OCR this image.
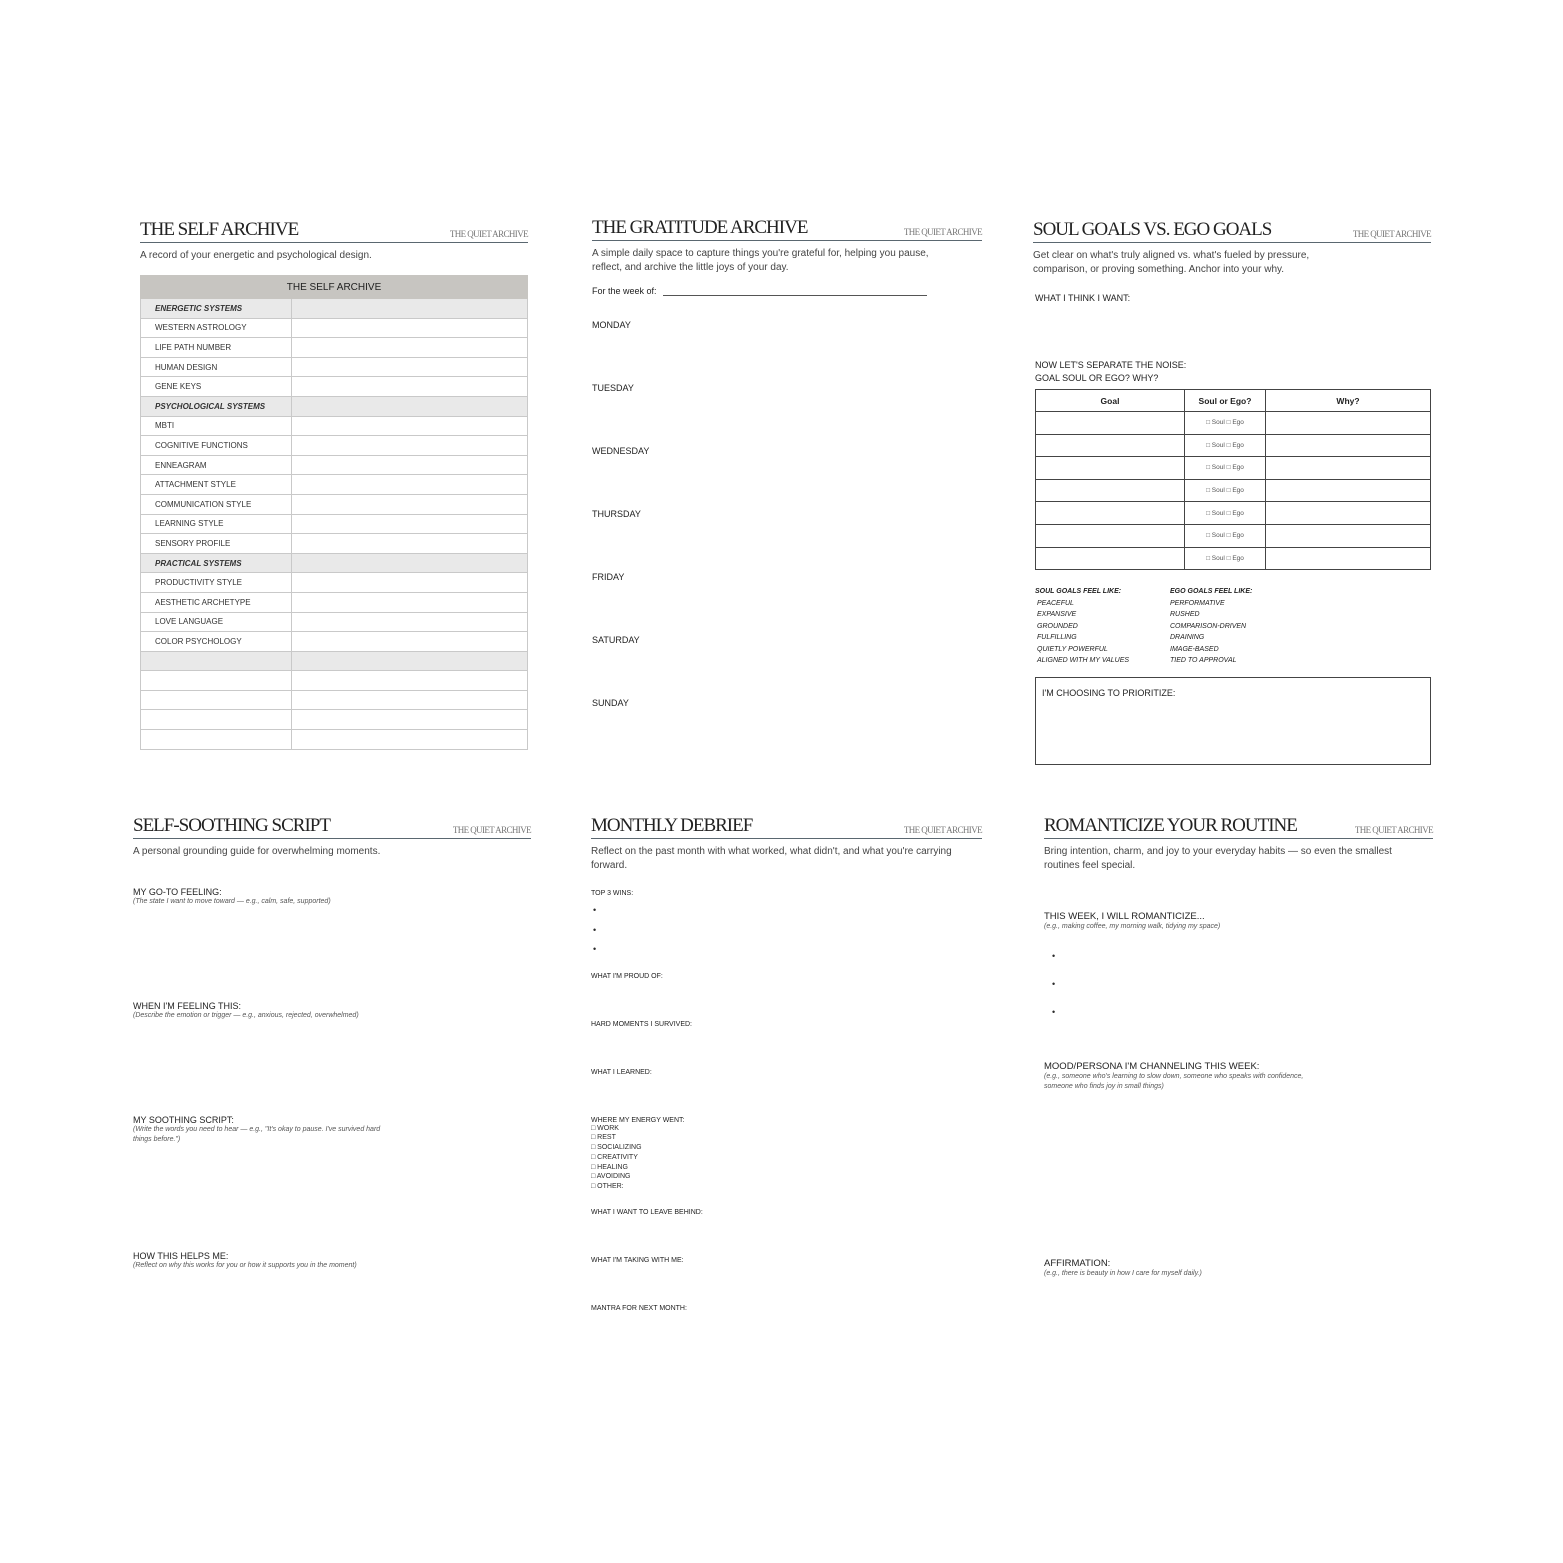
THE SELF ARCHIVE	THE QUIET ARCHIVE
A record of your energetic and psychological design.
THE SELF ARCHIVE	
ENERGETIC SYSTEMS	
WESTERN ASTROLOGY	
LIFE PATH NUMBER	
HUMAN DESIGN	
GENE KEYS	
PSYCHOLOGICAL SYSTEMS	
MBTI	
COGNITIVE FUNCTIONS	
ENNEAGRAM	
ATTACHMENT STYLE	
COMMUNICATION STYLE	
LEARNING STYLE	
SENSORY PROFILE	
PRACTICAL SYSTEMS	
PRODUCTIVITY STYLE	
AESTHETIC ARCHETYPE	
LOVE LANGUAGE	
COLOR PSYCHOLOGY	

THE GRATITUDE ARCHIVE	THE QUIET ARCHIVE
A simple daily space to capture things you're grateful for, helping you pause, reflect, and archive the little joys of your day.
For the week of:
MONDAY
TUESDAY
WEDNESDAY
THURSDAY
FRIDAY
SATURDAY
SUNDAY
SOUL GOALS VS. EGO GOALS	THE QUIET ARCHIVE
Get clear on what's truly aligned vs. what's fueled by pressure, comparison, or proving something. Anchor into your why.
WHAT I THINK I WANT:
NOW LET'S SEPARATE THE NOISE:
GOAL SOUL OR EGO? WHY?
Goal	Soul or Ego?	Why?
	□ Soul □ Ego	
	□ Soul □ Ego	
	□ Soul □ Ego	
	□ Soul □ Ego	
	□ Soul □ Ego	
	□ Soul □ Ego	
	□ Soul □ Ego	
SOUL GOALS FEEL LIKE:
PEACEFUL
EXPANSIVE
GROUNDED
FULFILLING
QUIETLY POWERFUL
ALIGNED WITH MY VALUES
EGO GOALS FEEL LIKE:
PERFORMATIVE
RUSHED
COMPARISON-DRIVEN
DRAINING
IMAGE-BASED
TIED TO APPROVAL
I'M CHOOSING TO PRIORITIZE:
SELF-SOOTHING SCRIPT	THE QUIET ARCHIVE
A personal grounding guide for overwhelming moments.
MY GO-TO FEELING:
(The state I want to move toward — e.g., calm, safe, supported)
WHEN I'M FEELING THIS:
(Describe the emotion or trigger — e.g., anxious, rejected, overwhelmed)
MY SOOTHING SCRIPT:
(Write the words you need to hear — e.g., "It's okay to pause. I've survived hard things before.")
HOW THIS HELPS ME:
(Reflect on why this works for you or how it supports you in the moment)
MONTHLY DEBRIEF	THE QUIET ARCHIVE
Reflect on the past month with what worked, what didn't, and what you're carrying forward.
TOP 3 WINS:
•
•
•
WHAT I'M PROUD OF:
HARD MOMENTS I SURVIVED:
WHAT I LEARNED:
WHERE MY ENERGY WENT:
□ WORK
□ REST
□ SOCIALIZING
□ CREATIVITY
□ HEALING
□ AVOIDING
□ OTHER:
WHAT I WANT TO LEAVE BEHIND:
WHAT I'M TAKING WITH ME:
MANTRA FOR NEXT MONTH:
ROMANTICIZE YOUR ROUTINE	THE QUIET ARCHIVE
Bring intention, charm, and joy to your everyday habits — so even the smallest routines feel special.
THIS WEEK, I WILL ROMANTICIZE...
(e.g., making coffee, my morning walk, tidying my space)
•
•
•
MOOD/PERSONA I'M CHANNELING THIS WEEK:
(e.g., someone who's learning to slow down, someone who speaks with confidence, someone who finds joy in small things)
AFFIRMATION:
(e.g., there is beauty in how I care for myself daily.)
